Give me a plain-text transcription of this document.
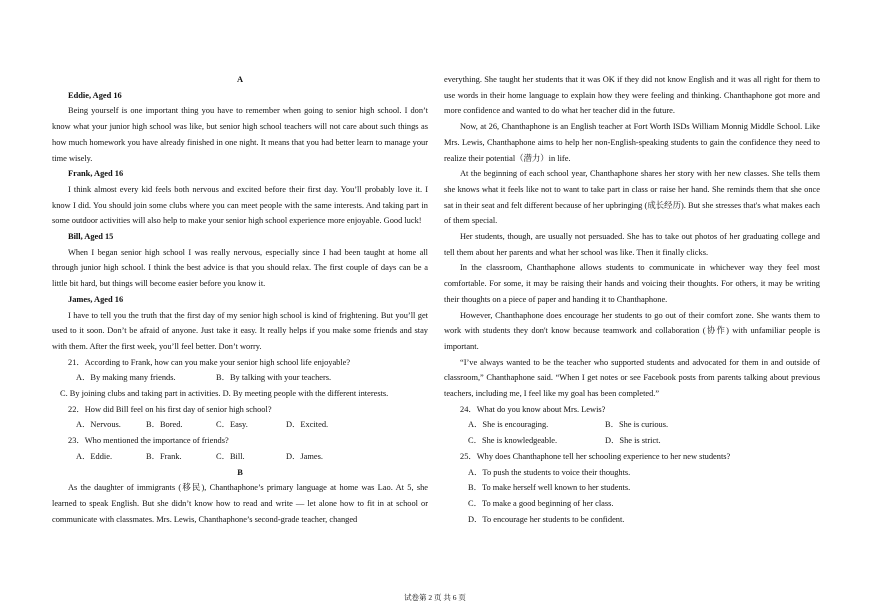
A

Eddie, Aged 16

Being yourself is one important thing you have to remember when going to senior high school. I don’t know what your junior high school was like, but senior high school teachers will not care about such things as how much homework you have already finished in one night. It means that you had better learn to manage your time wisely.

Frank, Aged 16

I think almost every kid feels both nervous and excited before their first day. You’ll probably love it. I know I did. You should join some clubs where you can meet people with the same interests. And taking part in some outdoor activities will also help to make your senior high school experience more enjoyable. Good luck!

Bill, Aged 15

When I began senior high school I was really nervous, especially since I had been taught at home all through junior high school. I think the best advice is that you should relax. The first couple of days can be a little bit hard, but things will become easier before you know it.

James, Aged 16

I have to tell you the truth that the first day of my senior high school is kind of frightening. But you’ll get used to it soon. Don’t be afraid of anyone. Just take it easy. It really helps if you make some friends and stay with them. After the first week, you’ll feel better. Don’t worry.

21．According to Frank, how can you make your senior high school life enjoyable?

A．By making many friends.	B．By talking with your teachers.

C. By joining clubs and taking part in activities. D. By meeting people with the different interests.

22．How did Bill feel on his first day of senior high school?

A．Nervous.	B．Bored.	C．Easy.	D．Excited.

23．Who mentioned the importance of friends?

A．Eddie.	B．Frank.	C．Bill.	D．James.

B

As the daughter of immigrants (移民), Chanthaphone’s primary language at home was Lao. At 5, she learned to speak English. But she didn’t know how to read and write — let alone how to fit in at school or communicate with classmates. Mrs. Lewis, Chanthaphone’s second-grade teacher, changed

everything. She taught her students that it was OK if they did not know English and it was all right for them to use words in their home language to explain how they were feeling and thinking. Chanthaphone got more and more confidence and wanted to do what her teacher did in the future.

Now, at 26, Chanthaphone is an English teacher at Fort Worth ISDs William Monnig Middle School. Like Mrs. Lewis, Chanthaphone aims to help her non-English-speaking students to gain the confidence they need to realize their potential（潜力）in life.

At the beginning of each school year, Chanthaphone shares her story with her new classes. She tells them she knows what it feels like not to want to take part in class or raise her hand. She reminds them that she once sat in their seat and felt different because of her upbringing (成长经历). But she stresses that's what makes each of them special.

Her students, though, are usually not persuaded. She has to take out photos of her graduating college and tell them about her parents and what her school was like. Then it finally clicks.

In the classroom, Chanthaphone allows students to communicate in whichever way they feel most comfortable. For some, it may be raising their hands and voicing their thoughts. For others, it may be writing their thoughts on a piece of paper and handing it to Chanthaphone.

However, Chanthaphone does encourage her students to go out of their comfort zone. She wants them to work with students they don't know because teamwork and collaboration (协作) with unfamiliar people is important.

“I’ve always wanted to be the teacher who supported students and advocated for them in and outside of classroom,” Chanthaphone said. “When I get notes or see Facebook posts from parents talking about previous teachers, including me, I feel like my goal has been completed.”

24．What do you know about Mrs. Lewis?

A．She is encouraging.	B．She is curious.
C．She is knowledgeable.	D．She is strict.

25．Why does Chanthaphone tell her schooling experience to her new students?

A．To push the students to voice their thoughts.

B．To make herself well known to her students.

C．To make a good beginning of her class.

D．To encourage her students to be confident.

试卷第 2 页 共 6 页
